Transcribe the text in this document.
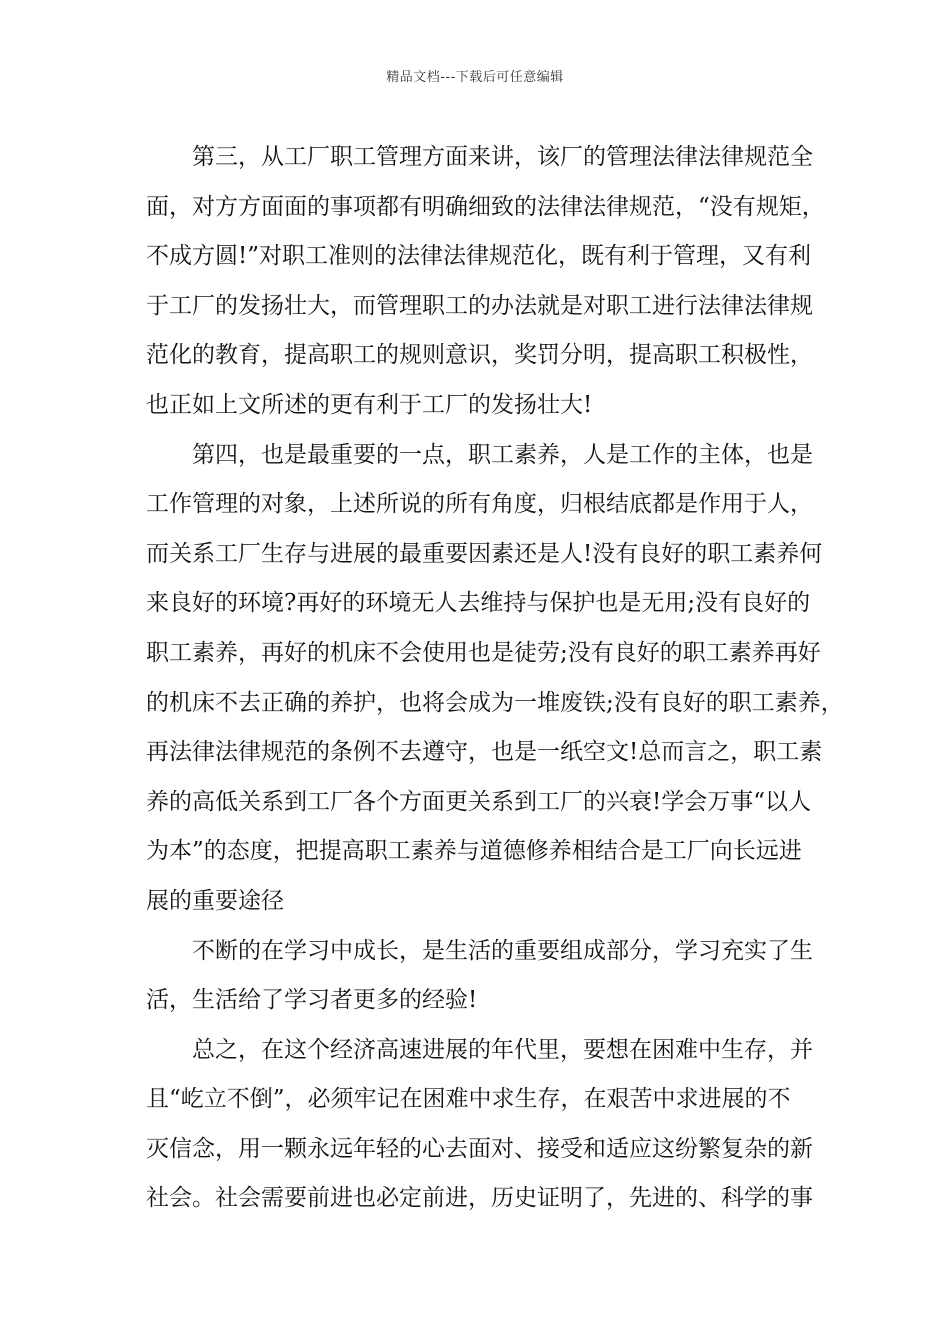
精品文档---下载后可任意编辑
第三，从工厂职工管理方面来讲，该厂的管理法律法律规范全
面，对方方面面的事项都有明确细致的法律法律规范，“没有规矩，
不成方圆!”对职工准则的法律法律规范化，既有利于管理，又有利
于工厂的发扬壮大，而管理职工的办法就是对职工进行法律法律规
范化的教育，提高职工的规则意识，奖罚分明，提高职工积极性，
也正如上文所述的更有利于工厂的发扬壮大!
第四，也是最重要的一点，职工素养，人是工作的主体，也是
工作管理的对象，上述所说的所有角度，归根结底都是作用于人，
而关系工厂生存与进展的最重要因素还是人!没有良好的职工素养何
来良好的环境?再好的环境无人去维持与保护也是无用;没有良好的
职工素养，再好的机床不会使用也是徒劳;没有良好的职工素养再好
的机床不去正确的养护，也将会成为一堆废铁;没有良好的职工素养，
再法律法律规范的条例不去遵守，也是一纸空文!总而言之，职工素
养的高低关系到工厂各个方面更关系到工厂的兴衰!学会万事“以人
为本”的态度，把提高职工素养与道德修养相结合是工厂向长远进
展的重要途径
不断的在学习中成长，是生活的重要组成部分，学习充实了生
活，生活给了学习者更多的经验!
总之，在这个经济高速进展的年代里，要想在困难中生存，并
且“屹立不倒”，必须牢记在困难中求生存，在艰苦中求进展的不
灭信念，用一颗永远年轻的心去面对、接受和适应这纷繁复杂的新
社会。社会需要前进也必定前进，历史证明了，先进的、科学的事
